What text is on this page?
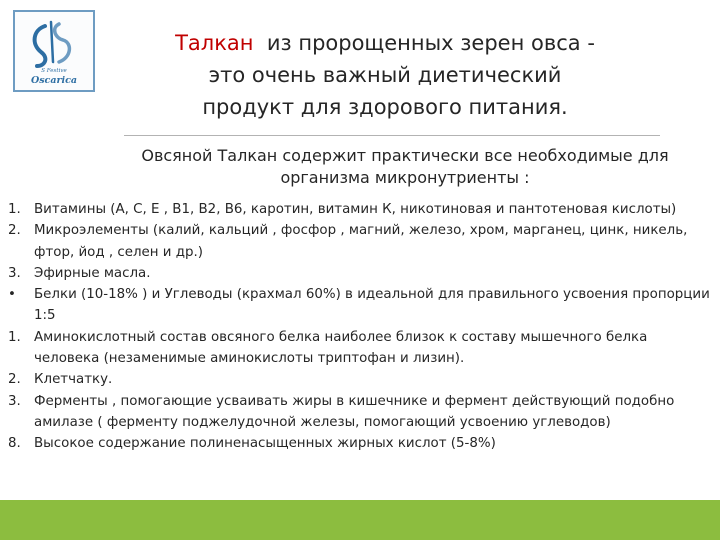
S Festive
Oscarica
Талкан  из пророщенных зерен овса -
это очень важный диетический
продукт для здорового питания.
Овсяной Талкан содержит практически все необходимые для
организма микронутриенты :
1. Витамины (А, С, Е , В1, В2, В6, каротин, витамин К, никотиновая и пантотеновая кислоты)
2. Микроэлементы (калий, кальций , фосфор , магний, железо, хром, марганец, цинк, никель, фтор, йод , селен и др.)
3. Эфирные масла.
• Белки (10-18% ) и Углеводы (крахмал 60%) в идеальной для правильного усвоения пропорции 1:5
1. Аминокислотный состав овсяного белка наиболее близок к составу мышечного белка человека (незаменимые аминокислоты триптофан и лизин).
2. Клетчатку.
3. Ферменты , помогающие усваивать жиры в кишечнике и фермент действующий подобно амилазе ( ферменту поджелудочной железы, помогающий усвоению углеводов)
8. Высокое содержание полиненасыщенных жирных кислот (5-8%)
